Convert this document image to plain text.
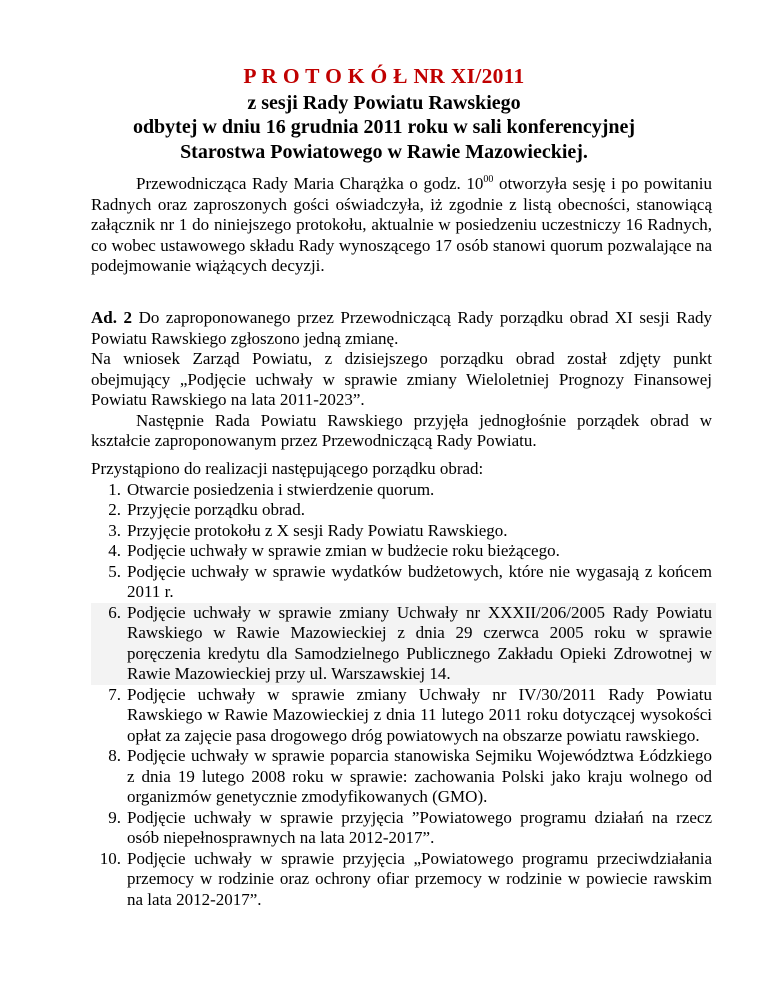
P R O T O K Ó Ł NR XI/2011
z sesji Rady Powiatu Rawskiego
odbytej w dniu 16 grudnia 2011 roku w sali konferencyjnej
Starostwa Powiatowego w Rawie Mazowieckiej.

Przewodnicząca Rady Maria Charążka o godz. $10^{00}$ otworzyła sesję i po powitaniu Radnych oraz zaproszonych gości oświadczyła, iż zgodnie z listą obecności, stanowiącą załącznik nr 1 do niniejszego protokołu, aktualnie w posiedzeniu uczestniczy 16 Radnych, co wobec ustawowego składu Rady wynoszącego 17 osób stanowi quorum pozwalające na podejmowanie wiążących decyzji.

Ad. 2 Do zaproponowanego przez Przewodniczącą Rady porządku obrad XI sesji Rady Powiatu Rawskiego zgłoszono jedną zmianę.

Na wniosek Zarząd Powiatu, z dzisiejszego porządku obrad został zdjęty punkt obejmujący „Podjęcie uchwały w sprawie zmiany Wieloletniej Prognozy Finansowej Powiatu Rawskiego na lata 2011-2023”.

Następnie Rada Powiatu Rawskiego przyjęła jednogłośnie porządek obrad w kształcie zaproponowanym przez Przewodniczącą Rady Powiatu.

Przystąpiono do realizacji następującego porządku obrad:

1. Otwarcie posiedzenia i stwierdzenie quorum.
2. Przyjęcie porządku obrad.
3. Przyjęcie protokołu z X sesji Rady Powiatu Rawskiego.
4. Podjęcie uchwały w sprawie zmian w budżecie roku bieżącego.
5. Podjęcie uchwały w sprawie wydatków budżetowych, które nie wygasają z końcem 2011 r.
6. Podjęcie uchwały w sprawie zmiany Uchwały nr XXXII/206/2005 Rady Powiatu Rawskiego w Rawie Mazowieckiej z dnia 29 czerwca 2005 roku w sprawie poręczenia kredytu dla Samodzielnego Publicznego Zakładu Opieki Zdrowotnej w Rawie Mazowieckiej przy ul. Warszawskiej 14.
7. Podjęcie uchwały w sprawie zmiany Uchwały nr IV/30/2011 Rady Powiatu Rawskiego w Rawie Mazowieckiej z dnia 11 lutego 2011 roku dotyczącej wysokości opłat za zajęcie pasa drogowego dróg powiatowych na obszarze powiatu rawskiego.
8. Podjęcie uchwały w sprawie poparcia stanowiska Sejmiku Województwa Łódzkiego z dnia 19 lutego 2008 roku w sprawie: zachowania Polski jako kraju wolnego od organizmów genetycznie zmodyfikowanych (GMO).
9. Podjęcie uchwały w sprawie przyjęcia ”Powiatowego programu działań na rzecz osób niepełnosprawnych na lata 2012-2017”.
10. Podjęcie uchwały w sprawie przyjęcia „Powiatowego programu przeciwdziałania przemocy w rodzinie oraz ochrony ofiar przemocy w rodzinie w powiecie rawskim na lata 2012-2017”.
